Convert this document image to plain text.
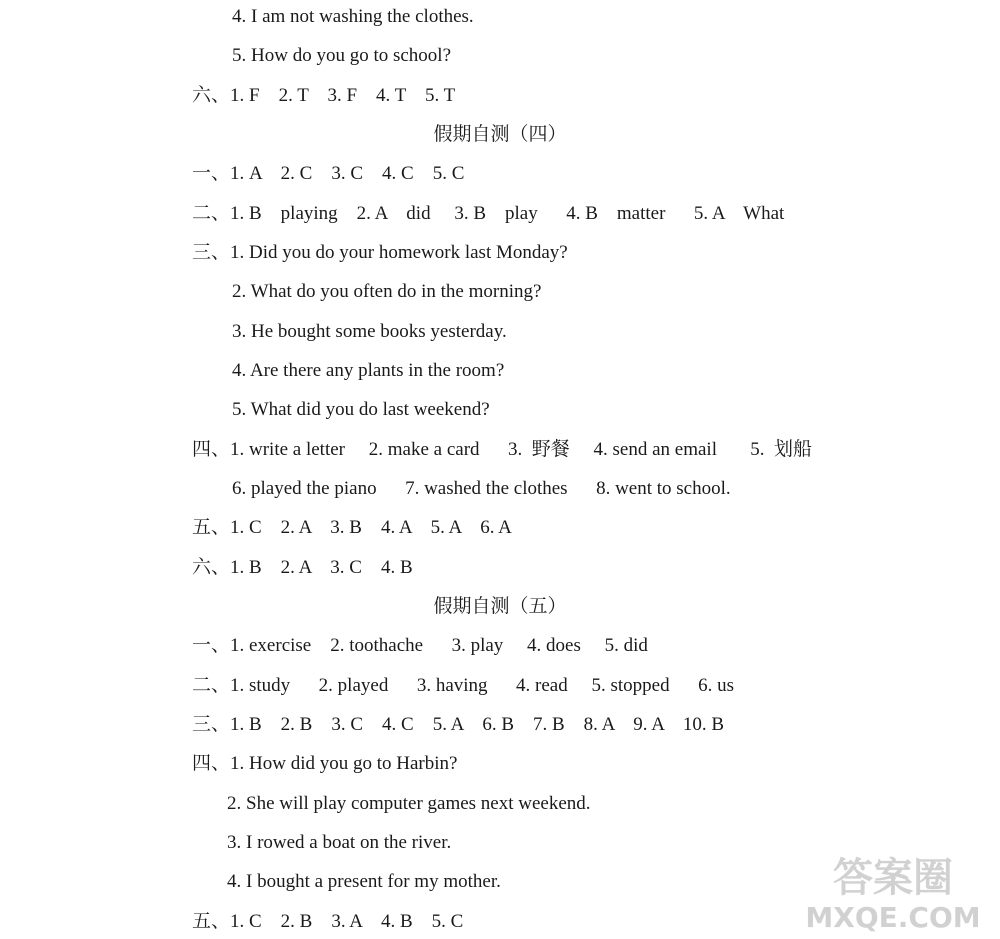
4. I am not washing the clothes.
5. How do you go to school?
六、1. F    2. T    3. F    4. T    5. T
假期自测（四）
一、1. A    2. C    3. C    4. C    5. C
二、1. B    playing    2. A    did     3. B    play      4. B    matter      5. A    What
三、1. Did you do your homework last Monday?
2. What do you often do in the morning?
3. He bought some books yesterday.
4. Are there any plants in the room?
5. What did you do last weekend?
四、1. write a letter     2. make a card      3.  野餐     4. send an email       5.  划船
6. played the piano      7. washed the clothes      8. went to school.
五、1. C    2. A    3. B    4. A    5. A    6. A
六、1. B    2. A    3. C    4. B
假期自测（五）
一、1. exercise    2. toothache      3. play     4. does     5. did
二、1. study      2. played      3. having      4. read     5. stopped      6. us
三、1. B    2. B    3. C    4. C    5. A    6. B    7. B    8. A    9. A    10. B
四、1. How did you go to Harbin?
2. She will play computer games next weekend.
3. I rowed a boat on the river.
4. I bought a present for my mother.
五、1. C    2. B    3. A    4. B    5. C
答案圈
MXQE.COM
